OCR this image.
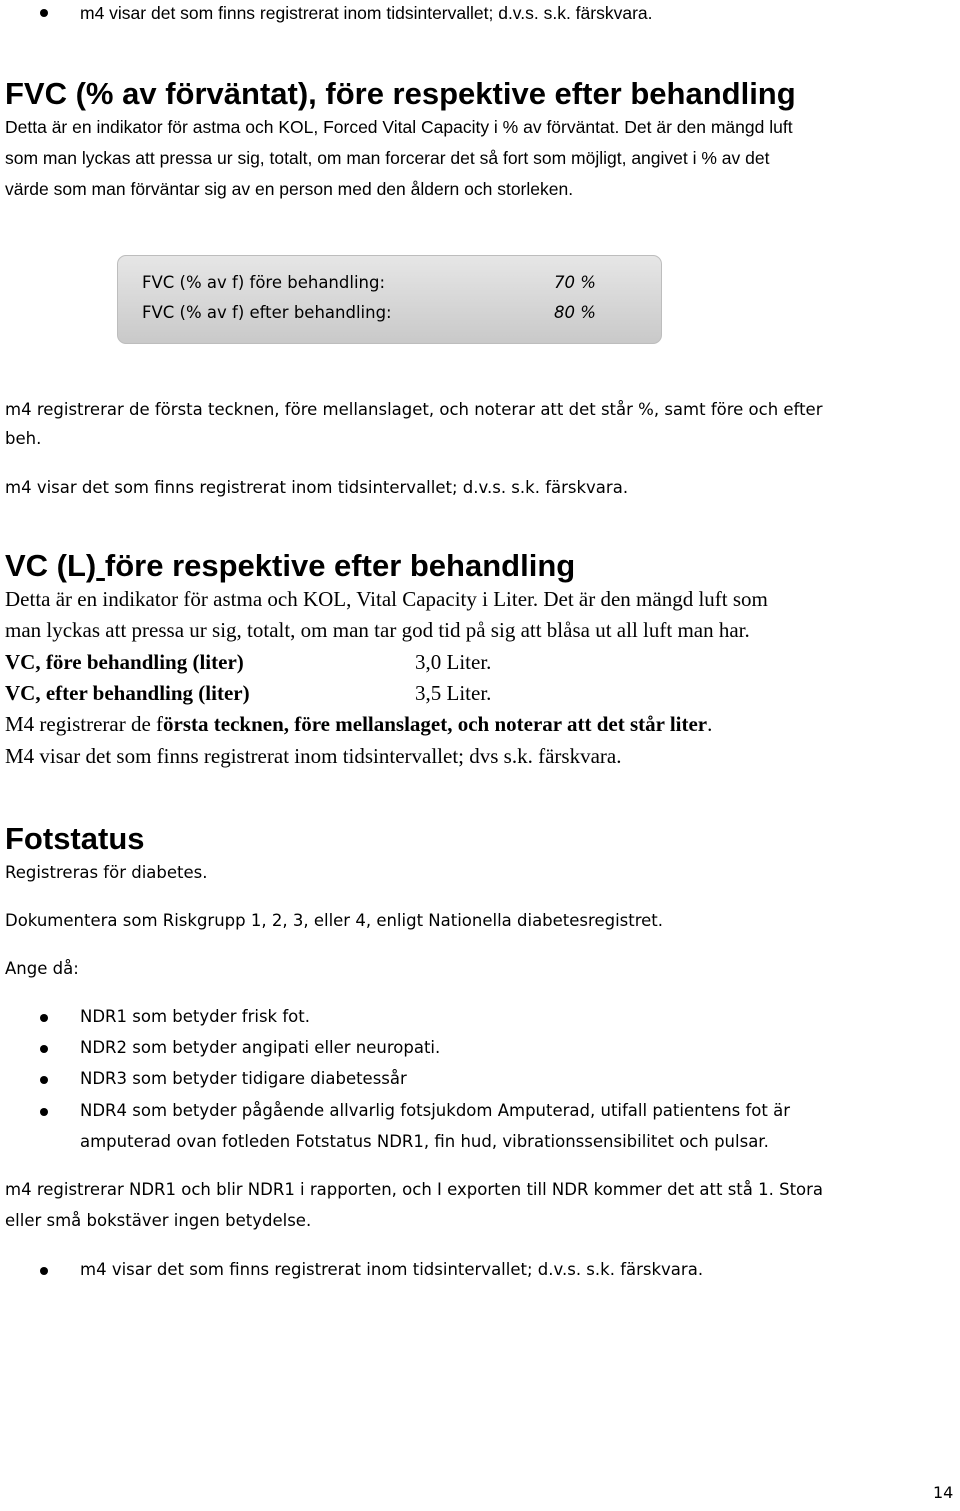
m4 visar det som finns registrerat inom tidsintervallet; d.v.s. s.k. färskvara.
FVC (% av förväntat), före respektive efter behandling
Detta är en indikator för astma och KOL, Forced Vital Capacity i % av förväntat. Det är den mängd luft
som man lyckas att pressa ur sig, totalt, om man forcerar det så fort som möjligt, angivet i % av det
värde som man förväntar sig av en person med den åldern och storleken.
FVC (% av f) före behandling:	70 %
FVC (% av f) efter behandling:	80 %
m4 registrerar de första tecknen, före mellanslaget, och noterar att det står %, samt före och efter
beh.
m4 visar det som finns registrerat inom tidsintervallet; d.v.s. s.k. färskvara.
VC (L) före respektive efter behandling
Detta är en indikator för astma och KOL, Vital Capacity i Liter. Det är den mängd luft som
man lyckas att pressa ur sig, totalt, om man tar god tid på sig att blåsa ut all luft man har.
VC, före behandling (liter)	3,0 Liter.
VC, efter behandling (liter)	3,5 Liter.
M4 registrerar de första tecknen, före mellanslaget, och noterar att det står liter.
M4 visar det som finns registrerat inom tidsintervallet; dvs s.k. färskvara.
Fotstatus
Registreras för diabetes.
Dokumentera som Riskgrupp 1, 2, 3, eller 4, enligt Nationella diabetesregistret.
Ange då:
NDR1 som betyder frisk fot.
NDR2 som betyder angipati eller neuropati.
NDR3 som betyder tidigare diabetessår
NDR4 som betyder pågående allvarlig fotsjukdom Amputerad, utifall patientens fot är
amputerad ovan fotleden Fotstatus NDR1, fin hud, vibrationssensibilitet och pulsar.
m4 registrerar NDR1 och blir NDR1 i rapporten, och I exporten till NDR kommer det att stå 1. Stora
eller små bokstäver ingen betydelse.
m4 visar det som finns registrerat inom tidsintervallet; d.v.s. s.k. färskvara.
14
